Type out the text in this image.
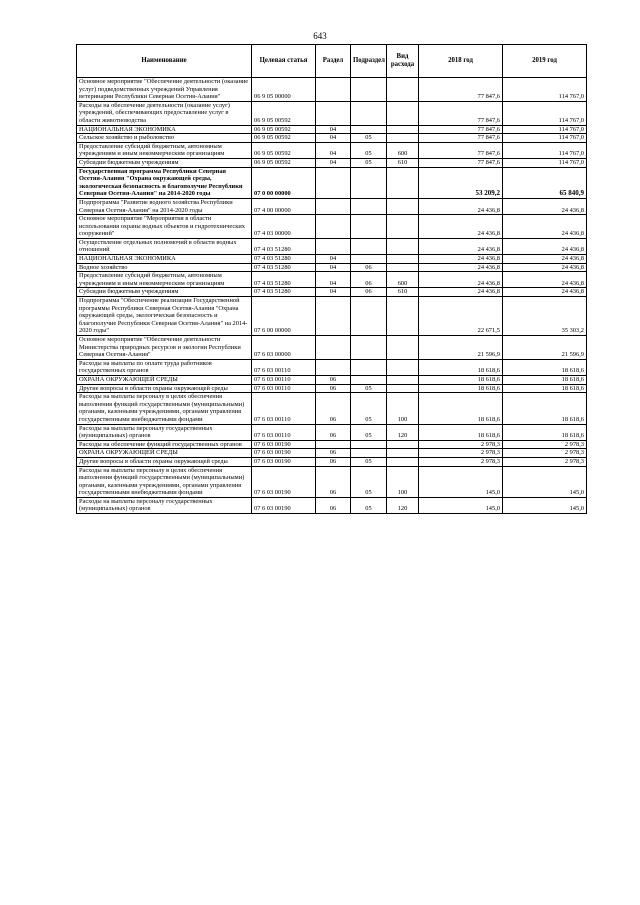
643
Наименование	Целевая статья	Раздел	Подраздел	Вид расхода	2018 год	2019 год
Основное мероприятие "Обеспечение деятельности (оказание услуг) подведомственных учреждений Управления ветеринарии Республики Северная Осетия-Алания"	06 9 05 00000				77 847,6	114 767,0
Расходы на обеспечение деятельности (оказание услуг) учреждений, обеспечивающих предоставление услуг в области животноводства	06 9 05 00592				77 847,6	114 767,0
НАЦИОНАЛЬНАЯ ЭКОНОМИКА	06 9 05 00592	04			77 847,6	114 767,0
Сельское хозяйство и рыболовство	06 9 05 00592	04	05		77 847,6	114 767,0
Предоставление субсидий бюджетным, автономным учреждениям и иным некоммерческим организациям	06 9 05 00592	04	05	600	77 847,6	114 767,0
Субсидии бюджетным учреждениям	06 9 05 00592	04	05	610	77 847,6	114 767,0
Государственная программа Республики Северная Осетия-Алания "Охрана окружающей среды, экологическая безопасность и благополучие Республики Северная Осетия-Алания" на 2014-2020 годы	07 0 00 00000				53 209,2	65 840,9
Подпрограмма "Развитие водного хозяйства Республики Северная Осетия-Алания" на 2014-2020 годы	07 4 00 00000				24 436,8	24 436,8
Основное мероприятие "Мероприятия в области использования охраны водных объектов и гидротехнических сооружений"	07 4 03 00000				24 436,8	24 436,8
Осуществление отдельных полномочий в области водных отношений	07 4 03 51280				24 436,8	24 436,8
НАЦИОНАЛЬНАЯ ЭКОНОМИКА	07 4 03 51280	04			24 436,8	24 436,8
Водное хозяйство	07 4 03 51280	04	06		24 436,8	24 436,8
Предоставление субсидий бюджетным, автономным учреждениям и иным некоммерческим организациям	07 4 03 51280	04	06	600	24 436,8	24 436,8
Субсидии бюджетным учреждениям	07 4 03 51280	04	06	610	24 436,8	24 436,8
Подпрограмма "Обеспечение реализации Государственной программы Республики Северная Осетия-Алания "Охрана окружающей среды, экологическая безопасность и благополучие Республики Северная Осетия-Алания" на 2014-2020 годы"	07 6 00 00000				22 671,5	35 303,2
Основное мероприятие "Обеспечение деятельности Министерства природных ресурсов и экологии Республики Северная Осетия-Алания"	07 6 03 00000				21 596,9	21 596,9
Расходы на выплаты по оплате труда работников государственных органов	07 6 03 00110				18 618,6	18 618,6
ОХРАНА ОКРУЖАЮЩЕЙ СРЕДЫ	07 6 03 00110	06			18 618,6	18 618,6
Другие вопросы в области охраны окружающей среды	07 6 03 00110	06	05		18 618,6	18 618,6
Расходы на выплаты персоналу в целях обеспечения выполнения функций государственными (муниципальными) органами, казенными учреждениями, органами управления государственными внебюджетными фондами	07 6 03 00110	06	05	100	18 618,6	18 618,6
Расходы на выплаты персоналу государственных (муниципальных) органов	07 6 03 00110	06	05	120	18 618,6	18 618,6
Расходы на обеспечение функций государственных органов	07 6 03 00190				2 978,3	2 978,3
ОХРАНА ОКРУЖАЮЩЕЙ СРЕДЫ	07 6 03 00190	06			2 978,3	2 978,3
Другие вопросы в области охраны окружающей среды	07 6 03 00190	06	05		2 978,3	2 978,3
Расходы на выплаты персоналу в целях обеспечения выполнения функций государственными (муниципальными) органами, казенными учреждениями, органами управления государственными внебюджетными фондами	07 6 03 00190	06	05	100	145,0	145,0
Расходы на выплаты персоналу государственных (муниципальных) органов	07 6 03 00190	06	05	120	145,0	145,0
